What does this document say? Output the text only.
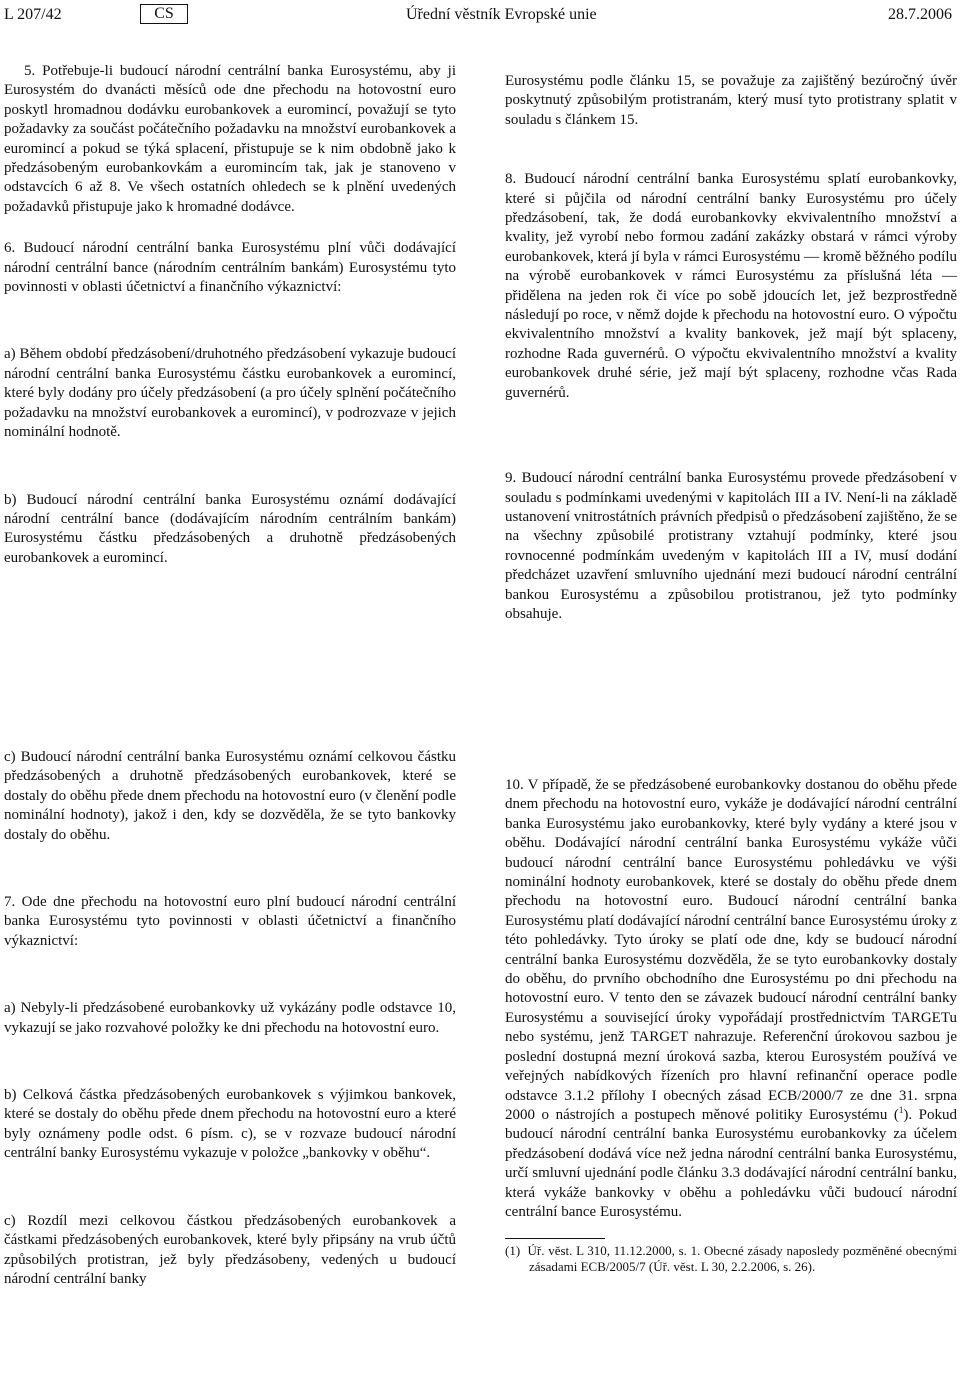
L 207/42	CS	Úřední věstník Evropské unie	28.7.2006

5. Potřebuje-li budoucí národní centrální banka Eurosystému, aby ji Eurosystém do dvanácti měsíců ode dne přechodu na hotovostní euro poskytl hromadnou dodávku eurobankovek a euromincí, považují se tyto požadavky za součást počátečního požadavku na množství eurobankovek a euromincí a pokud se týká splacení, přistupuje se k nim obdobně jako k předzásobeným eurobankovkám a euromincím tak, jak je stanoveno v odstavcích 6 až 8. Ve všech ostatních ohledech se k plnění uvedených požadavků přistupuje jako k hromadné dodávce.

6. Budoucí národní centrální banka Eurosystému plní vůči dodávající národní centrální bance (národním centrálním bankám) Eurosystému tyto povinnosti v oblasti účetnictví a finančního výkaznictví:

a) Během období předzásobení/druhotného předzásobení vykazuje budoucí národní centrální banka Eurosystému částku eurobankovek a euromincí, které byly dodány pro účely předzásobení (a pro účely splnění počátečního požadavku na množství eurobankovek a euromincí), v podrozvaze v jejich nominální hodnotě.

b) Budoucí národní centrální banka Eurosystému oznámí dodávající národní centrální bance (dodávajícím národním centrálním bankám) Eurosystému částku předzásobených a druhotně předzásobených eurobankovek a euromincí.

Eurosystému podle článku 15, se považuje za zajištěný bezúročný úvěr poskytnutý způsobilým protistranám, který musí tyto protistrany splatit v souladu s článkem 15.

8. Budoucí národní centrální banka Eurosystému splatí eurobankovky, které si půjčila od národní centrální banky Eurosystému pro účely předzásobení, tak, že dodá eurobankovky ekvivalentního množství a kvality, jež vyrobí nebo formou zadání zakázky obstará v rámci výroby eurobankovek, která jí byla v rámci Eurosystému — kromě běžného podílu na výrobě eurobankovek v rámci Eurosystému za příslušná léta — přidělena na jeden rok či více po sobě jdoucích let, jež bezprostředně následují po roce, v němž dojde k přechodu na hotovostní euro. O výpočtu ekvivalentního množství a kvality bankovek, jež mají být splaceny, rozhodne Rada guvernérů. O výpočtu ekvivalentního množství a kvality eurobankovek druhé série, jež mají být splaceny, rozhodne včas Rada guvernérů.

9. Budoucí národní centrální banka Eurosystému provede předzásobení v souladu s podmínkami uvedenými v kapitolách III a IV. Není-li na základě ustanovení vnitrostátních právních předpisů o předzásobení zajištěno, že se na všechny způsobilé protistrany vztahují podmínky, které jsou rovnocenné podmínkám uvedeným v kapitolách III a IV, musí dodání předcházet uzavření smluvního ujednání mezi budoucí národní centrální bankou Eurosystému a způsobilou protistranou, jež tyto podmínky obsahuje.

c) Budoucí národní centrální banka Eurosystému oznámí celkovou částku předzásobených a druhotně předzásobených eurobankovek, které se dostaly do oběhu přede dnem přechodu na hotovostní euro (v členění podle nominální hodnoty), jakož i den, kdy se dozvěděla, že se tyto bankovky dostaly do oběhu.

7. Ode dne přechodu na hotovostní euro plní budoucí národní centrální banka Eurosystému tyto povinnosti v oblasti účetnictví a finančního výkaznictví:

a) Nebyly-li předzásobené eurobankovky už vykázány podle odstavce 10, vykazují se jako rozvahové položky ke dni přechodu na hotovostní euro.

b) Celková částka předzásobených eurobankovek s výjimkou bankovek, které se dostaly do oběhu přede dnem přechodu na hotovostní euro a které byly oznámeny podle odst. 6 písm. c), se v rozvaze budoucí národní centrální banky Eurosystému vykazuje v položce „bankovky v oběhu“.

c) Rozdíl mezi celkovou částkou předzásobených eurobankovek a částkami předzásobených eurobankovek, které byly připsány na vrub účtů způsobilých protistran, jež byly předzásobeny, vedených u budoucí národní centrální banky

10. V případě, že se předzásobené eurobankovky dostanou do oběhu přede dnem přechodu na hotovostní euro, vykáže je dodávající národní centrální banka Eurosystému jako eurobankovky, které byly vydány a které jsou v oběhu. Dodávající národní centrální banka Eurosystému vykáže vůči budoucí národní centrální bance Eurosystému pohledávku ve výši nominální hodnoty eurobankovek, které se dostaly do oběhu přede dnem přechodu na hotovostní euro. Budoucí národní centrální banka Eurosystému platí dodávající národní centrální bance Eurosystému úroky z této pohledávky. Tyto úroky se platí ode dne, kdy se budoucí národní centrální banka Eurosystému dozvěděla, že se tyto eurobankovky dostaly do oběhu, do prvního obchodního dne Eurosystému po dni přechodu na hotovostní euro. V tento den se závazek budoucí národní centrální banky Eurosystému a související úroky vypořádají prostřednictvím TARGETu nebo systému, jenž TARGET nahrazuje. Referenční úrokovou sazbou je poslední dostupná mezní úroková sazba, kterou Eurosystém používá ve veřejných nabídkových řízeních pro hlavní refinanční operace podle odstavce 3.1.2 přílohy I obecných zásad ECB/2000/7 ze dne 31. srpna 2000 o nástrojích a postupech měnové politiky Eurosystému ($^1$). Pokud budoucí národní centrální banka Eurosystému eurobankovky za účelem předzásobení dodává více než jedna národní centrální banka Eurosystému, určí smluvní ujednání podle článku 3.3 dodávající národní centrální banku, která vykáže bankovky v oběhu a pohledávku vůči budoucí národní centrální bance Eurosystému.

(1) Úř. věst. L 310, 11.12.2000, s. 1. Obecné zásady naposledy pozměněné obecnými zásadami ECB/2005/7 (Úř. věst. L 30, 2.2.2006, s. 26).
